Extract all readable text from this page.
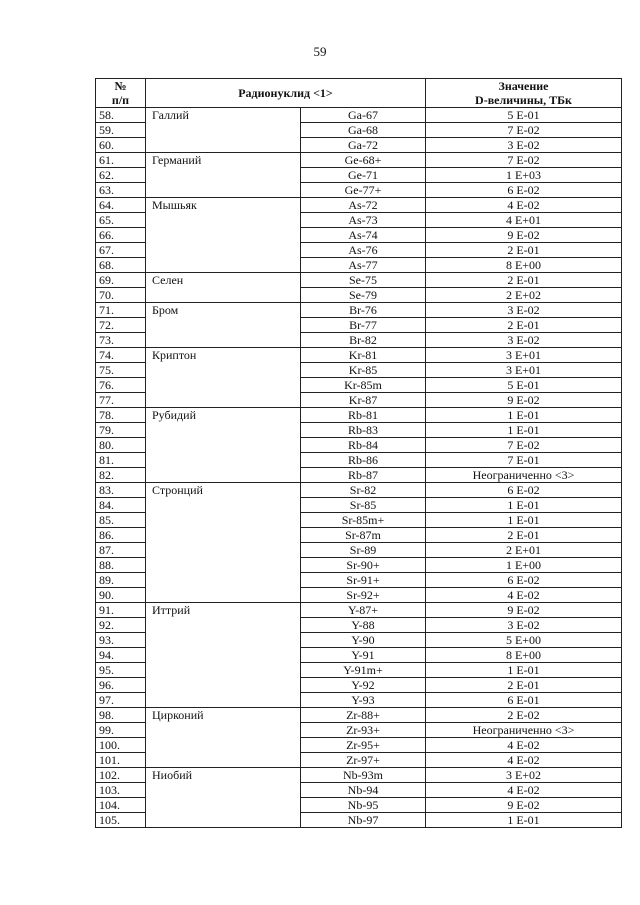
59
№
п/п	Радионуклид <1>		Значение
D-величины, ТБк
58.	Галлий	Ga-67	5 E-01
59.		Ga-68	7 E-02
60.		Ga-72	3 E-02
61.	Германий	Ge-68+	7 E-02
62.		Ge-71	1 E+03
63.		Ge-77+	6 E-02
64.	Мышьяк	As-72	4 E-02
65.		As-73	4 E+01
66.		As-74	9 E-02
67.		As-76	2 E-01
68.		As-77	8 E+00
69.	Селен	Se-75	2 E-01
70.		Se-79	2 E+02
71.	Бром	Br-76	3 E-02
72.		Br-77	2 E-01
73.		Br-82	3 E-02
74.	Криптон	Kr-81	3 E+01
75.		Kr-85	3 E+01
76.		Kr-85m	5 E-01
77.		Kr-87	9 E-02
78.	Рубидий	Rb-81	1 E-01
79.		Rb-83	1 E-01
80.		Rb-84	7 E-02
81.		Rb-86	7 E-01
82.		Rb-87	Неограниченно <3>
83.	Стронций	Sr-82	6 E-02
84.		Sr-85	1 E-01
85.		Sr-85m+	1 E-01
86.		Sr-87m	2 E-01
87.		Sr-89	2 E+01
88.		Sr-90+	1 E+00
89.		Sr-91+	6 E-02
90.		Sr-92+	4 E-02
91.	Иттрий	Y-87+	9 E-02
92.		Y-88	3 E-02
93.		Y-90	5 E+00
94.		Y-91	8 E+00
95.		Y-91m+	1 E-01
96.		Y-92	2 E-01
97.		Y-93	6 E-01
98.	Цирконий	Zr-88+	2 E-02
99.		Zr-93+	Неограниченно <3>
100.		Zr-95+	4 E-02
101.		Zr-97+	4 E-02
102.	Ниобий	Nb-93m	3 E+02
103.		Nb-94	4 E-02
104.		Nb-95	9 E-02
105.		Nb-97	1 E-01
